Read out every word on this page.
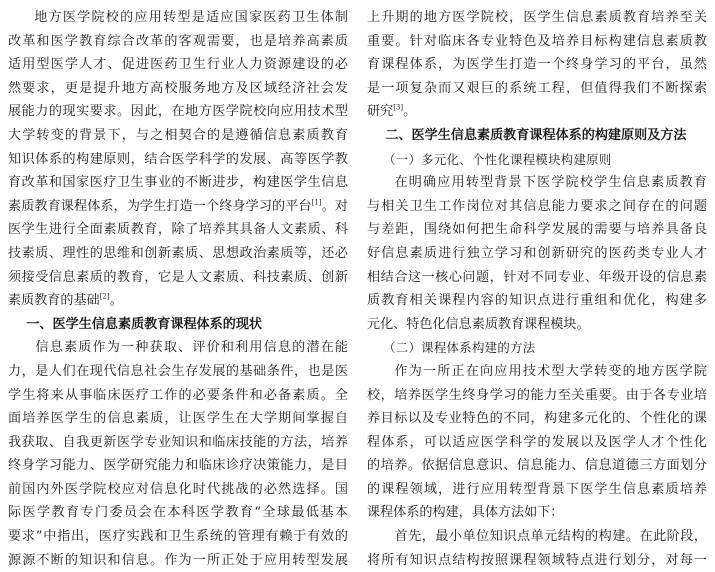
地方医学院校的应用转型是适应国家医药卫生体制
改革和医学教育综合改革的客观需要，也是培养高素质
适用型医学人才、促进医药卫生行业人力资源建设的必
然要求，更是提升地方高校服务地方及区域经济社会发
展能力的现实要求。因此，在地方医学院校向应用技术型
大学转变的背景下，与之相契合的是遵循信息素质教育
知识体系的构建原则，结合医学科学的发展、高等医学教
育改革和国家医疗卫生事业的不断进步，构建医学生信息
素质教育课程体系，为学生打造一个终身学习的平台[1]。对
医学生进行全面素质教育，除了培养其具备人文素质、科
技素质、理性的思维和创新素质、思想政治素质等，还必
须接受信息素质的教育，它是人文素质、科技素质、创新
素质教育的基础[2]。
一、医学生信息素质教育课程体系的现状
信息素质作为一种获取、评价和利用信息的潜在能
力，是人们在现代信息社会生存发展的基础条件，也是医
学生将来从事临床医疗工作的必要条件和必备素质。全
面培养医学生的信息素质，让医学生在大学期间掌握自
我获取、自我更新医学专业知识和临床技能的方法，培养
终身学习能力、医学研究能力和临床诊疗决策能力，是目
前国内外医学院校应对信息化时代挑战的必然选择。国
际医学教育专门委员会在本科医学教育“全球最低基本
要求”中指出，医疗实践和卫生系统的管理有赖于有效的
源源不断的知识和信息。作为一所正处于应用转型发展
上升期的地方医学院校，医学生信息素质教育培养至关
重要。针对临床各专业特色及培养目标构建信息素质教
育课程体系，为医学生打造一个终身学习的平台，虽然
是一项复杂而又艰巨的系统工程，但值得我们不断探索
研究[3]。
二、医学生信息素质教育课程体系的构建原则及方法
（一）多元化、个性化课程模块构建原则
在明确应用转型背景下医学院校学生信息素质教育
与相关卫生工作岗位对其信息能力要求之间存在的问题
与差距，围绕如何把生命科学发展的需要与培养具备良
好信息素质进行独立学习和创新研究的医药类专业人才
相结合这一核心问题，针对不同专业、年级开设的信息素
质教育相关课程内容的知识点进行重组和优化，构建多
元化、特色化信息素质教育课程模块。
（二）课程体系构建的方法
作为一所正在向应用技术型大学转变的地方医学院
校，培养医学生终身学习的能力至关重要。由于各专业培
养目标以及专业特色的不同，构建多元化的、个性化的课
程体系，可以适应医学科学的发展以及医学人才个性化
的培养。依据信息意识、信息能力、信息道德三方面划分
的课程领域，进行应用转型背景下医学生信息素质培养
课程体系的构建，具体方法如下：
首先，最小单位知识点单元结构的构建。在此阶段，
将所有知识点结构按照课程领域特点进行划分，对每一
